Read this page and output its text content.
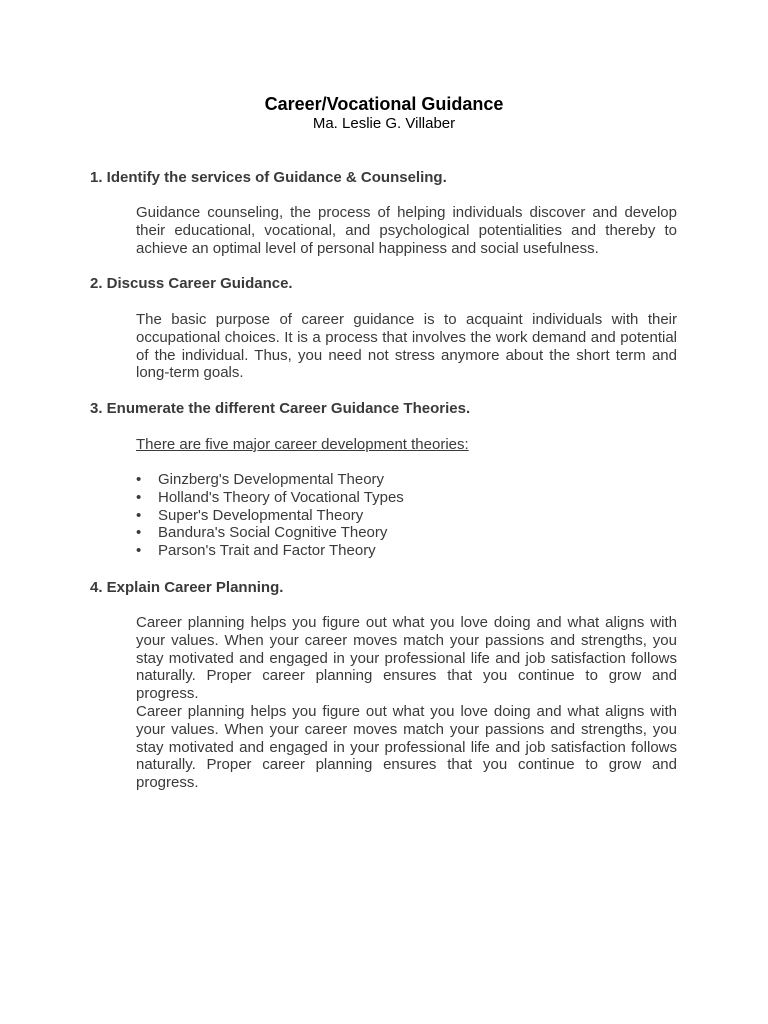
Career/Vocational Guidance
Ma. Leslie G. Villaber
1. Identify the services of Guidance & Counseling.

Guidance counseling, the process of helping individuals discover and develop their educational, vocational, and psychological potentialities and thereby to achieve an optimal level of personal happiness and social usefulness.

2. Discuss Career Guidance.

The basic purpose of career guidance is to acquaint individuals with their occupational choices. It is a process that involves the work demand and potential of the individual. Thus, you need not stress anymore about the short term and long-term goals.

3. Enumerate the different Career Guidance Theories.
There are five major career development theories:
• Ginzberg's Developmental Theory
• Holland's Theory of Vocational Types
• Super's Developmental Theory
• Bandura's Social Cognitive Theory
• Parson's Trait and Factor Theory
4. Explain Career Planning.

Career planning helps you figure out what you love doing and what aligns with your values. When your career moves match your passions and strengths, you stay motivated and engaged in your professional life and job satisfaction follows naturally. Proper career planning ensures that you continue to grow and progress.

Career planning helps you figure out what you love doing and what aligns with your values. When your career moves match your passions and strengths, you stay motivated and engaged in your professional life and job satisfaction follows naturally. Proper career planning ensures that you continue to grow and progress.
